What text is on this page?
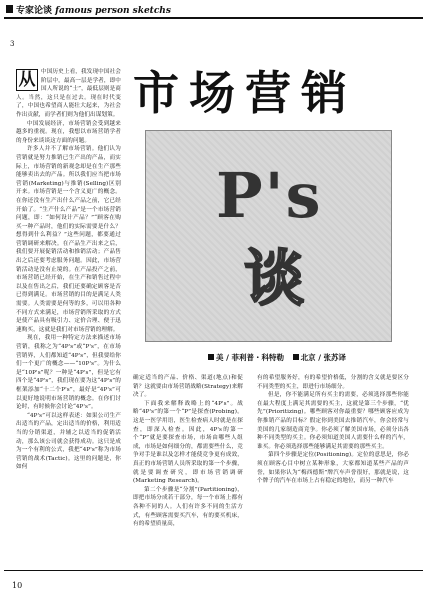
专家论谈 famous person sketchs
3
市场营销
P's
谈
美 / 菲利普・科特勒 北京 / 张苏译

从 中国历史上看，我发现中国社会阶层中，最高一层是学者，即中国人所说的“士”，最低层则是商人。当然，这只是在过去。现在时代变了，中国也希望商人能壮大起来，为社会作出贡献，而学者们则为他们出谋划策。

中国发展经济，市场营销会受到越来越多的重视。现在，我想以市场营销学者的身份来谈谈这方面的问题。

许多人并不了解市场营销。他们认为营销就是努力推销已生产出的产品，而实际上，市场营销的新观念却是在生产那些能够卖出去的产品。所以我们应当把市场营销(Marketing)与推销(Selling)区别开来。市场营销是一个含义更广的概念。在你还没有生产出什么产品之前，它已经开始了。“生产什么产品”是一个市场营销问题，即：“如何设计产品？”“顾客在购买一种产品时，他们的实际需要是什么？想得到什么利益？”这些问题，都要通过营销调研来解决。在产品生产出来之后，我们要开展促销活动和推销活动；产品售出之后还要考虑服务问题。因此，市场营销活动是没有止境的。在产品投产之前，市场营销已经开始，在生产和销售过程中以及在售出之后，我们还要确定顾客是否已得到满足。市场营销的目的是满足人类需要。人类需要是何等的多，可以用各种不同方式来满足，市场营销所采取的方式是使产品具有吸引力、定价合理、便于迅速购买，这就是我们对市场营销的理解。

现在，我用一种特定方法来描述市场营销，我称之为“4P's”或“P's”，在市场营销界，人们都知道“4P's”，但我要给你们一个更广的概念——“10P's”。为什么是“10P's”呢？一种是“4P's”，但是它有四个是“4P's”，我们现在要为这“4P's”的框架添加“十二个P's”，最好是“4P's”可以更好地说明市场营销的概念。在你们讨论时，有时候你会讨论“4P's”。

“4P's”可以这样表述：如果公司生产出适当的产品，定出适当的价格，利用适当的分销渠道，并辅之以适当的促销活动，那么该公司就会获得成功。这只是成为一个有利的公式，我把“4P's”称为市场营销的战术(Tactic)。这里的问题是，你如何

确定适当的产品、价格、渠道(地点)和促销？这就要由市场营销战略(Strategy)来解决了。

下面我来解释战略上的“4P's”。战略“4P's”的第一个“P”是探查(Probing)。这是一医学用语，医生检查病人时就是在探查，即深入检查。因此，4P's的第一个“P”就是要探查市场，市场由哪些人组成，市场是如何细分的，都需要些什么，竞争对手是谁以及怎样才能使竞争更有成效，真正的市场营销人员所采取的第一个步骤，就是要调查研究，即市场营销调研(Marketing Research)。

第二个步骤是“分割”(Partitioning)，即把市场分成若干部分，每一个市场上都有各种不同的人。人们有许多不同的生活方式，有些顾客需要买汽车，有的要买机床，有的希望质量高，

有的希望服务好，有的希望价格低，分割的含义就是要区分不同类型的买主，即进行市场细分。

但是，你不能满足所有买主的需要，必须选择那些你能在最大程度上满足其需要的买主，这就是第三个步骤，“优先”(Prioritizing)。哪些顾客对你最重要？哪些顾客应成为你推销产品的目标？假定你到美国去推销汽车，你会经常与美国的几家制造商竞争。你必须了解美国市场，必须分出各种不同类型的买主。你必须知道美国人需要什么样的汽车，谁买。你必须选择那些能够满足其需要的那些买主。

第四个步骤是定位(Positioning)。定位的意思是，你必须在顾客心目中树立某种形象，大家都知道某些产品的声誉，如果你认为“梅西德斯”牌汽车声誉很好，那就是说，这个牌子的汽车在市场上占有稳定的地位，而另一种汽车

10
